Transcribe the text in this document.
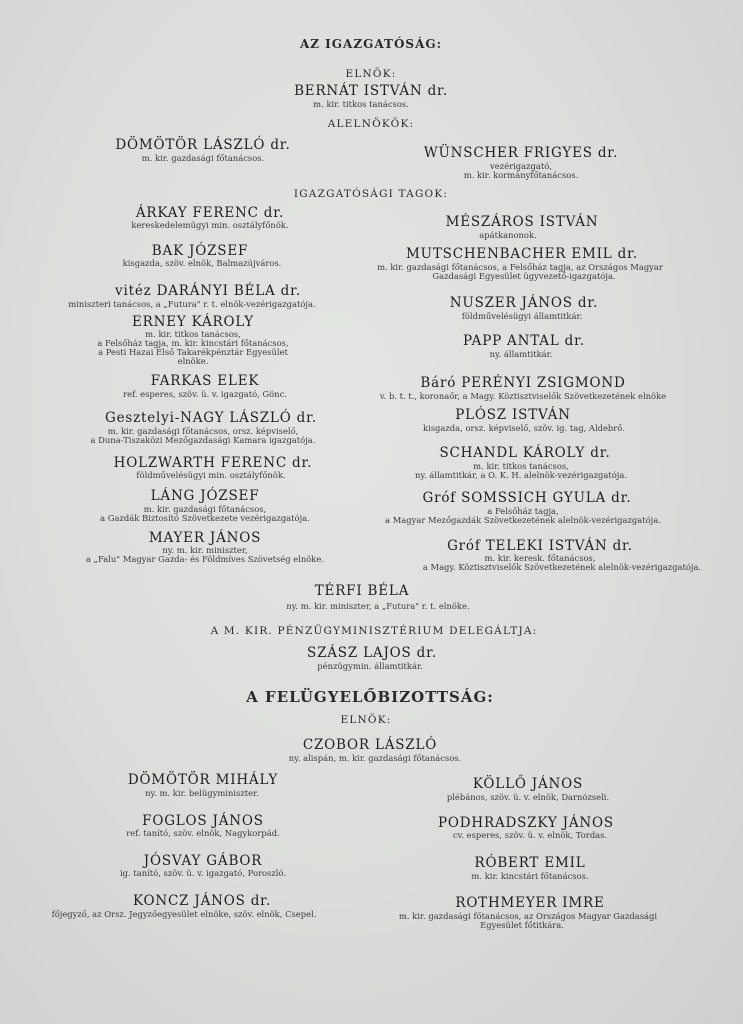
AZ IGAZGATÓSÁG:
ELNÖK:
BERNÁT ISTVÁN dr.
m. kir. titkos tanácsos.
ALELNÖKÖK:
DÖMÖTÖR LÁSZLÓ dr.
m. kir. gazdasági főtanácsos.	WÜNSCHER FRIGYES dr.
vezérigazgató,
m. kir. kormányfőtanácsos.
IGAZGATÓSÁGI TAGOK:
ÁRKAY FERENC dr.
kereskedelemügyi min. osztályfőnök.
BAK JÓZSEF
kisgazda, szöv. elnök, Balmazújváros.
vitéz DARÁNYI BÉLA dr.
miniszteri tanácsos, a „Futura" r. t. elnök-vezérigazgatója.
ERNEY KÁROLY
m. kir. titkos tanácsos,
a Felsőház tagja, m. kir. kincstári főtanácsos,
a Pesti Hazai Első Takarékpénztár Egyesület
elnöke.
FARKAS ELEK
ref. esperes, szöv. ü. v. igazgató, Gönc.
Gesztelyi-NAGY LÁSZLÓ dr.
m. kir. gazdasági főtanácsos, orsz. képviselő,
a Duna-Tiszaközi Mezőgazdasági Kamara igazgatója.
HOLZWARTH FERENC dr.
földművelésügyi min. osztályfőnök.
LÁNG JÓZSEF
m. kir. gazdasági főtanácsos,
a Gazdák Biztosító Szövetkezete vezérigazgatója.
MAYER JÁNOS
ny. m. kir. miniszter,
a „Falu" Magyar Gazda- és Földmíves Szövetség elnöke.
MÉSZÁROS ISTVÁN
apátkanonok.
MUTSCHENBACHER EMIL dr.
m. kir. gazdasági főtanácsos, a Felsőház tagja, az Országos Magyar
Gazdasági Egyesület ügyvezető-igazgatója.
NUSZER JÁNOS dr.
földművelésügyi államtitkár.
PAPP ANTAL dr.
ny. államtitkár.
Báró PERÉNYI ZSIGMOND
v. b. t. t., koronaőr, a Magy. Köztisztviselők Szövetkezetének elnöke
PLÓSZ ISTVÁN
kisgazda, orsz. képviselő, szöv. ig. tag, Aldebrő.
SCHANDL KÁROLY dr.
m. kir. titkos tanácsos,
ny. államtitkár, a O. K. H. alelnök-vezérigazgatója.
Gróf SOMSSICH GYULA dr.
a Felsőház tagja,
a Magyar Mezőgazdák Szövetkezetének alelnök-vezérigazgatója.
Gróf TELEKI ISTVÁN dr.
m. kir. keresk. főtanácsos,
a Magy. Köztisztviselők Szövetkezetének alelnök-vezérigazgatója.
TÉRFI BÉLA
ny. m. kir. miniszter, a „Futura" r. t. elnöke.
A M. KIR. PÉNZÜGYMINISZTÉRIUM DELEGÁLTJA:
SZÁSZ LAJOS dr.
pénzügymin. államtitkár.
A FELÜGYELŐBIZOTTSÁG:
ELNÖK:
CZOBOR LÁSZLÓ
ny. alispán, m. kir. gazdasági főtanácsos.
DÖMÖTÖR MIHÁLY
ny. m. kir. belügyminiszter.
FOGLOS JÁNOS
ref. tanító, szöv. elnök, Nagykorpád.
JÓSVAY GÁBOR
ig. tanító, szöv. ü. v. igazgató, Poroszló.
KONCZ JÁNOS dr.
főjegyző, az Orsz. Jegyzőegyesület elnöke, szöv. elnök, Csepel.
KÖLLŐ JÁNOS
plébános, szöv. ü. v. elnök, Darnózseli.
PODHRADSZKY JÁNOS
cv. esperes, szöv. ü. v. elnök, Tordas.
RÓBERT EMIL
m. kir. kincstári főtanácsos.
ROTHMEYER IMRE
m. kir. gazdasági főtanácsos, az Országos Magyar Gazdasági
Egyesület főtitkára.
